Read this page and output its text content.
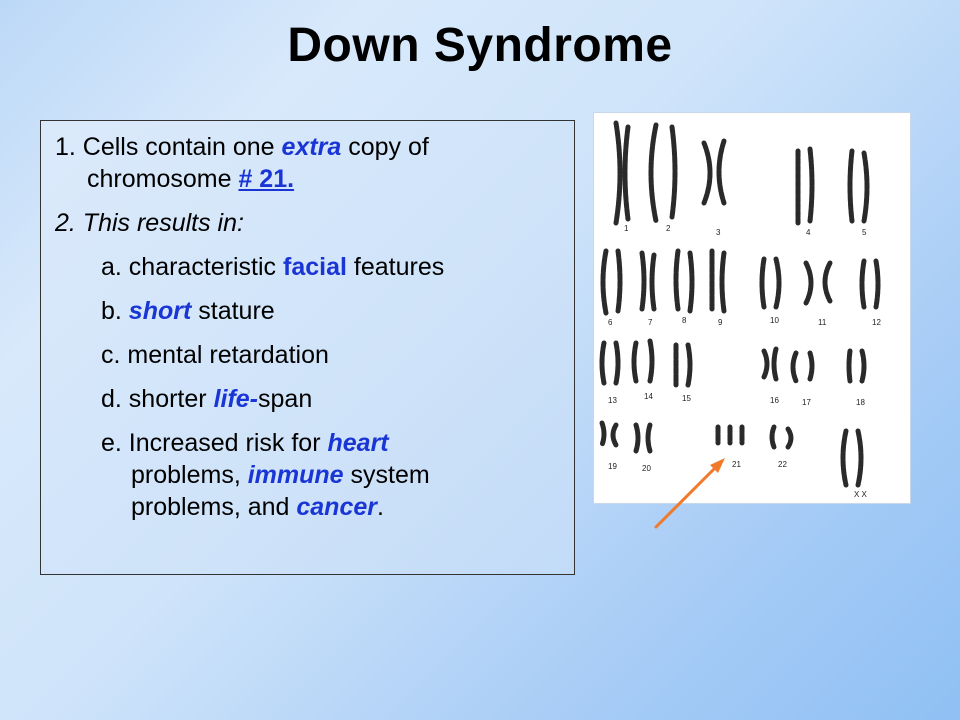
Down Syndrome
1. Cells contain one extra copy of
chromosome # 21.
2. This results in:
a. characteristic facial features
b. short stature
c. mental retardation
d. shorter life-span
e. Increased risk for heart
problems, immune system
problems, and cancer.
1	2	3	4	5
6	7	8	9	10	11	12
13	14	15	16	17	18
19	20	21	22
X X
